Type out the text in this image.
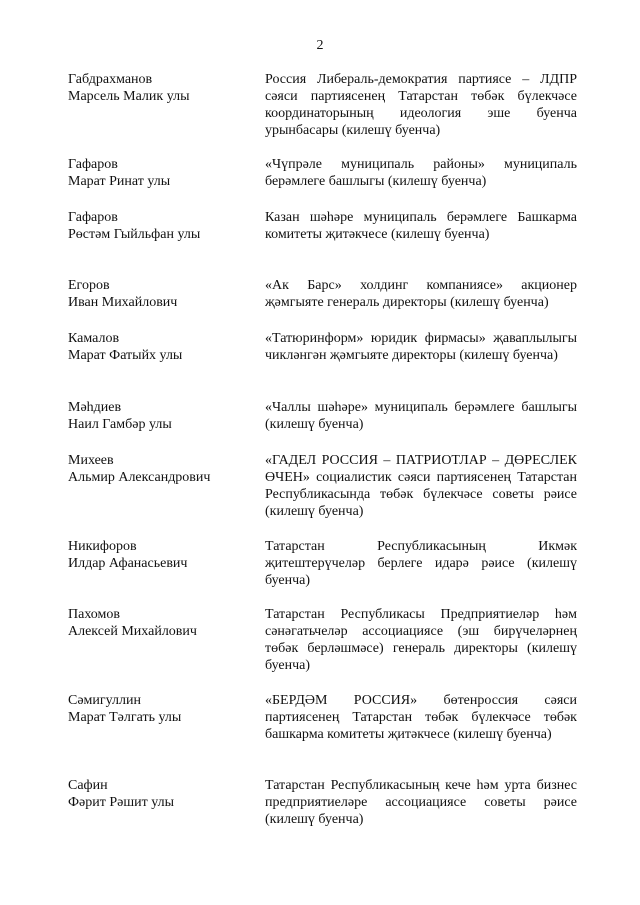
2
Габдрахманов
Марсель Малик улы
Россия Либераль-демократия партиясе – ЛДПР сәяси партиясенең Татарстан төбәк бүлекчәсе координаторының идеология эше буенча урынбасары (килешү буенча)
Гафаров
Марат Ринат улы
«Чүпрәле муниципаль районы» муниципаль берәмлеге башлыгы (килешү буенча)
Гафаров
Рөстәм Гыйльфан улы
Казан шәһәре муниципаль берәмлеге Башкарма комитеты җитәкчесе (килешү буенча)
Егоров
Иван Михайлович
«Ак Барс» холдинг компаниясе» акционер җәмгыяте генераль директоры (килешү буенча)
Камалов
Марат Фатыйх улы
«Татюринформ» юридик фирмасы» җаваплылыгы чикләнгән җәмгыяте директоры (килешү буенча)
Мәһдиев
Наил Гамбәр улы
«Чаллы шәһәре» муниципаль берәмлеге башлыгы (килешү буенча)
Михеев
Альмир Александрович
«ГАДЕЛ РОССИЯ – ПАТРИОТЛАР – ДӨРЕСЛЕК ӨЧЕН» социалистик сәяси партиясенең Татарстан Республикасында төбәк бүлекчәсе советы рәисе (килешү буенча)
Никифоров
Илдар Афанасьевич
Татарстан Республикасының Икмәк җитештерүчеләр берлеге идарә рәисе (килешү буенча)
Пахомов
Алексей Михайлович
Татарстан Республикасы Предприятиеләр һәм сәнәгатьчеләр ассоциациясе (эш бирүчеләрнең төбәк берләшмәсе) генераль директоры (килешү буенча)
Сәмигуллин
Марат Тәлгать улы
«БЕРДӘМ РОССИЯ» бөтенроссия сәяси партиясенең Татарстан төбәк бүлекчәсе төбәк башкарма комитеты җитәкчесе (килешү буенча)
Сафин
Фәрит Рәшит улы
Татарстан Республикасының кече һәм урта бизнес предприятиеләре ассоциациясе советы рәисе (килешү буенча)
